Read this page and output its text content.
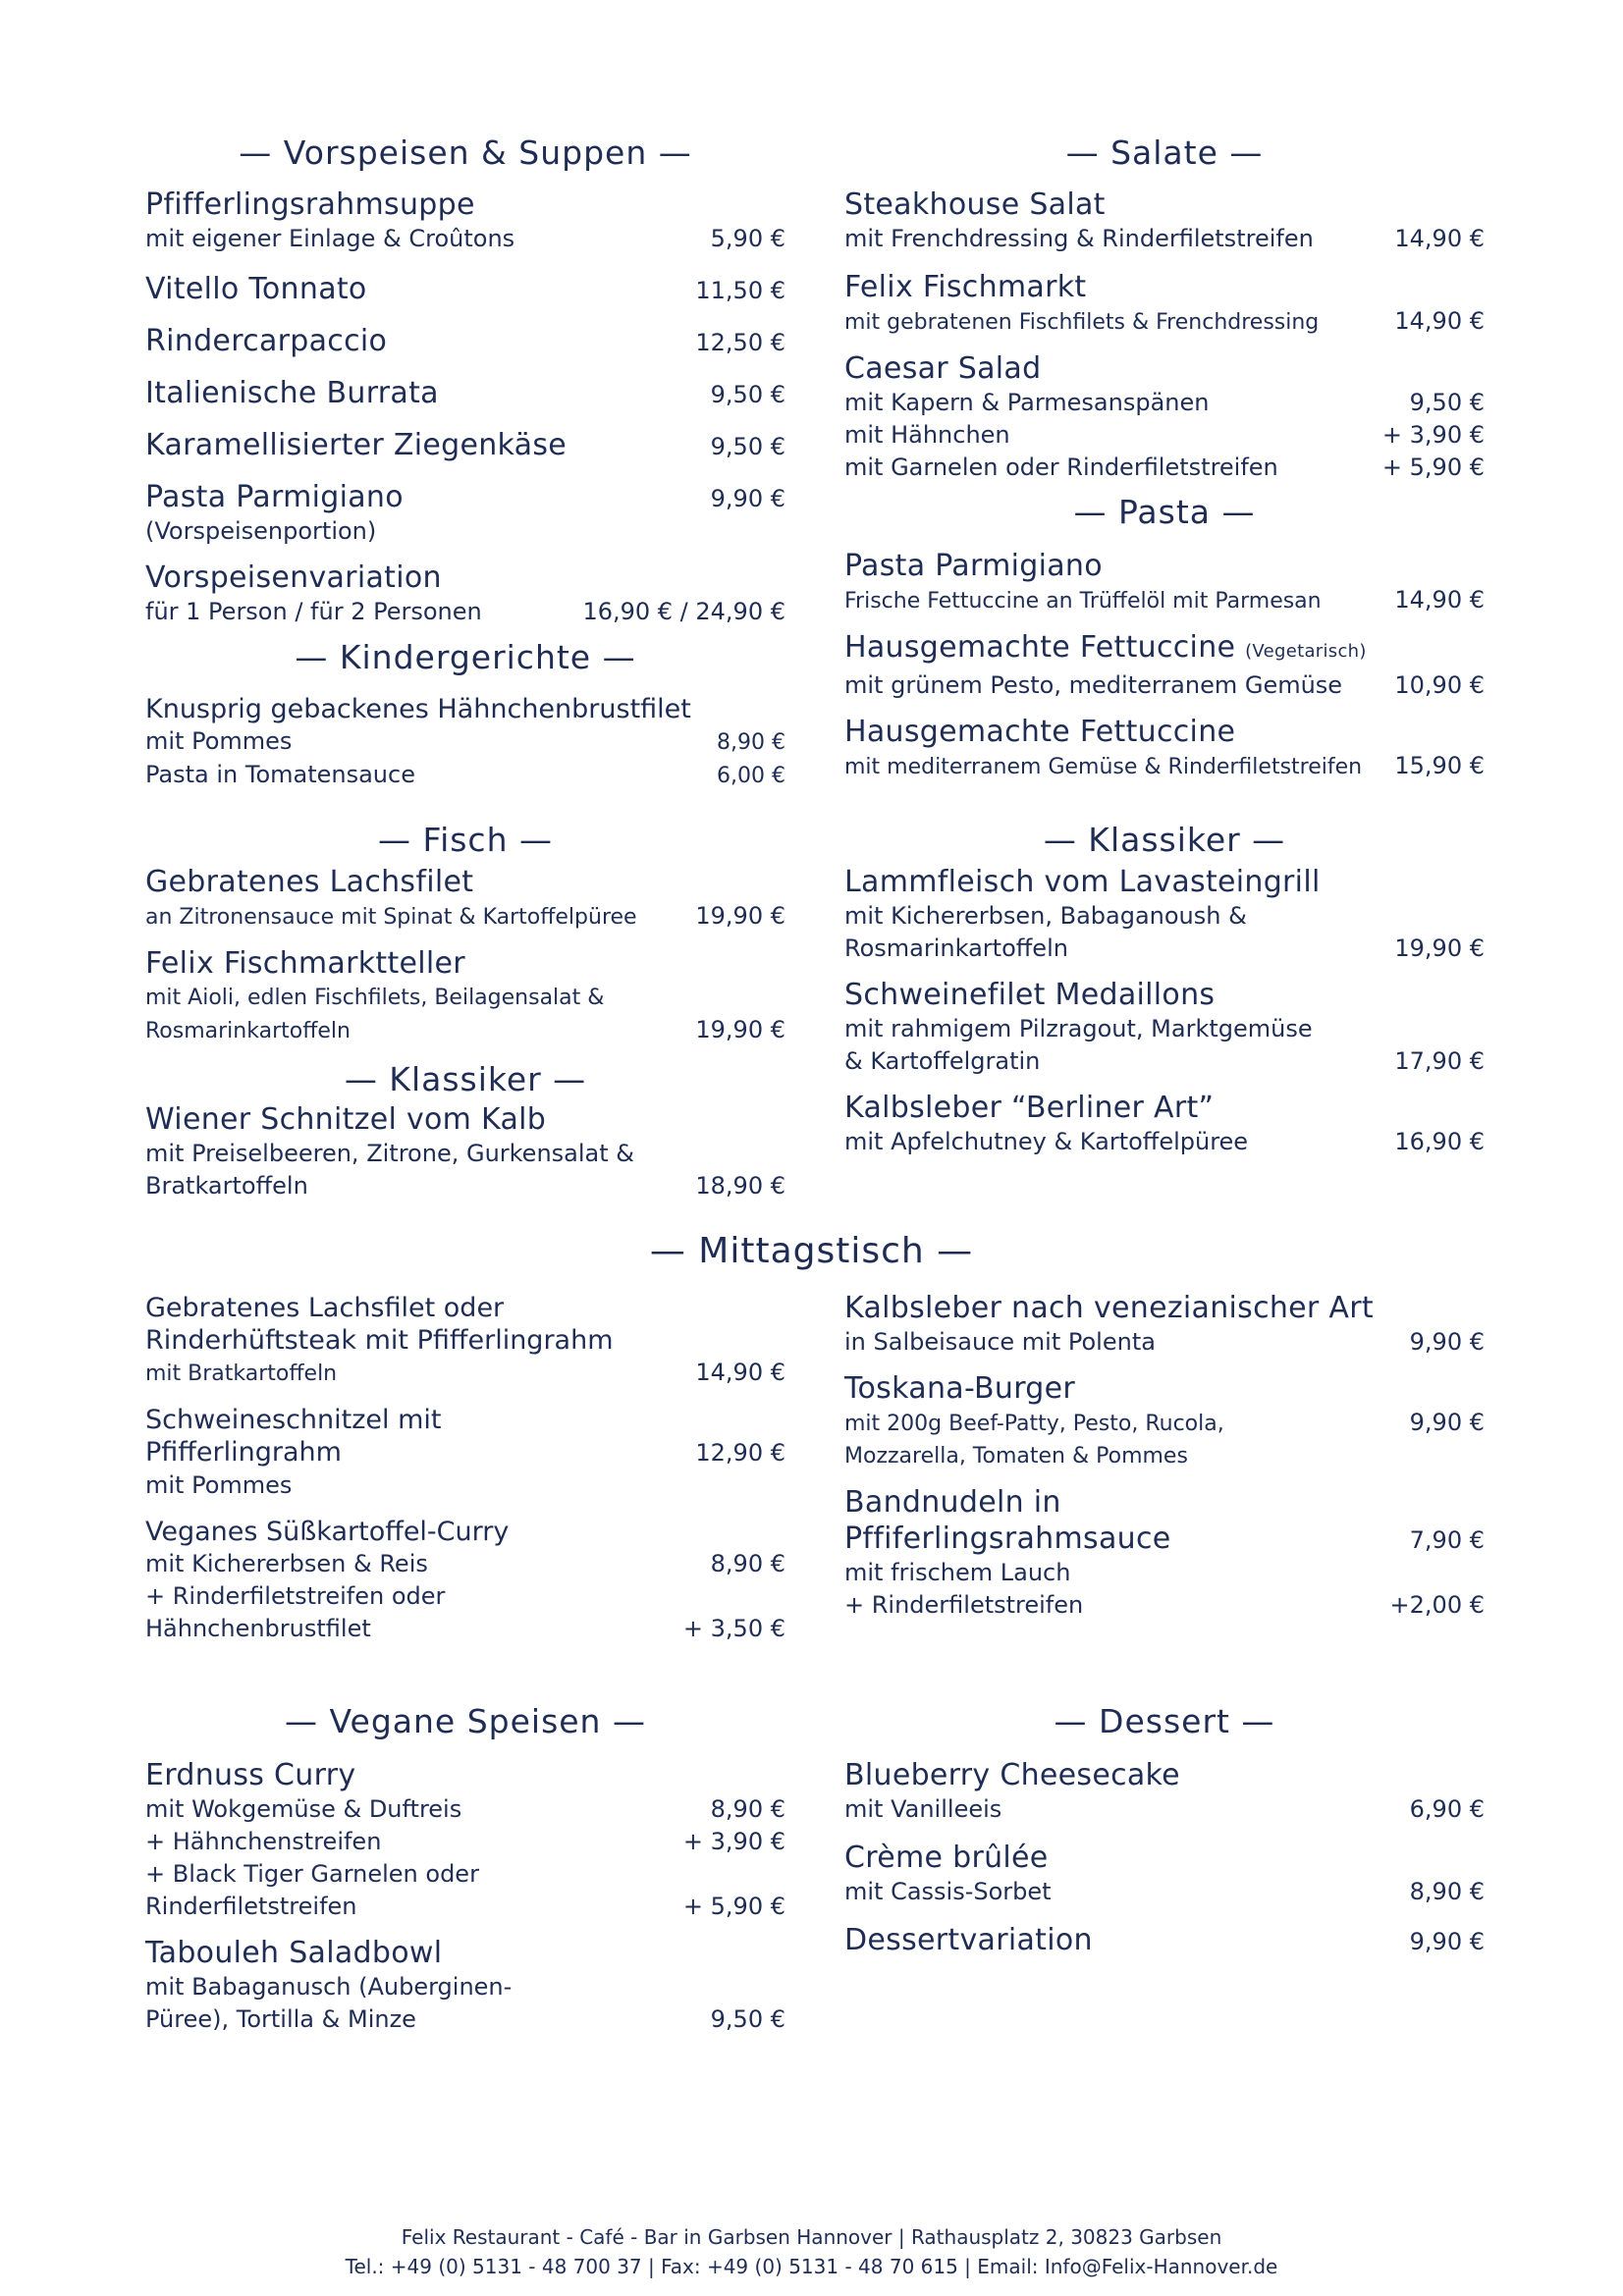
— Vorspeisen & Suppen —
Pfifferlingsrahmsuppe
mit eigener Einlage & Croûtons	5,90 €
Vitello Tonnato	11,50 €
Rindercarpaccio	12,50 €
Italienische Burrata	9,50 €
Karamellisierter Ziegenkäse	9,50 €
Pasta Parmigiano	9,90 €
(Vorspeisenportion)
Vorspeisenvariation
für 1 Person / für 2 Personen	16,90 € / 24,90 €
— Kindergerichte —
Knusprig gebackenes Hähnchenbrustfilet
mit Pommes	8,90 €
Pasta in Tomatensauce	6,00 €
— Fisch —
Gebratenes Lachsfilet
an Zitronensauce mit Spinat & Kartoffelpüree 19,90 €
Felix Fischmarktteller
mit Aioli, edlen Fischfilets, Beilagensalat &
Rosmarinkartoffeln	19,90 €
— Klassiker —
Wiener Schnitzel vom Kalb
mit Preiselbeeren, Zitrone, Gurkensalat &
Bratkartoffeln	18,90 €
— Salate —
Steakhouse Salat
mit Frenchdressing & Rinderfiletstreifen	14,90 €
Felix Fischmarkt
mit gebratenen Fischfilets & Frenchdressing	14,90 €
Caesar Salad
mit Kapern & Parmesanspänen	9,50 €
mit Hähnchen	+ 3,90 €
mit Garnelen oder Rinderfiletstreifen	+ 5,90 €
— Pasta —
Pasta Parmigiano
Frische Fettuccine an Trüffelöl mit Parmesan	14,90 €
Hausgemachte Fettuccine (Vegetarisch)
mit grünem Pesto, mediterranem Gemüse 10,90 €
Hausgemachte Fettuccine
mit mediterranem Gemüse & Rinderfiletstreifen 15,90 €
— Klassiker —
Lammfleisch vom Lavasteingrill
mit Kichererbsen, Babaganoush &
Rosmarinkartoffeln	19,90 €
Schweinefilet Medaillons
mit rahmigem Pilzragout, Marktgemüse
& Kartoffelgratin	17,90 €
Kalbsleber “Berliner Art”
mit Apfelchutney & Kartoffelpüree	16,90 €
— Mittagstisch —
Gebratenes Lachsfilet oder
Rinderhüftsteak mit Pfifferlingrahm
mit Bratkartoffeln	14,90 €
Schweineschnitzel mit
Pfifferlingrahm	12,90 €
mit Pommes
Veganes Süßkartoffel-Curry
mit Kichererbsen & Reis	8,90 €
+ Rinderfiletstreifen oder
Hähnchenbrustfilet	+ 3,50 €
Kalbsleber nach venezianischer Art
in Salbeisauce mit Polenta	9,90 €
Toskana-Burger
mit 200g Beef-Patty, Pesto, Rucola,	9,90 €
Mozzarella, Tomaten & Pommes
Bandnudeln in
Pffiferlingsrahmsauce	7,90 €
mit frischem Lauch
+ Rinderfiletstreifen	+2,00 €
— Vegane Speisen —
Erdnuss Curry
mit Wokgemüse & Duftreis	8,90 €
+ Hähnchenstreifen	+ 3,90 €
+ Black Tiger Garnelen oder
Rinderfiletstreifen	+ 5,90 €
Tabouleh Saladbowl
mit Babaganusch (Auberginen-
Püree), Tortilla & Minze	9,50 €
— Dessert —
Blueberry Cheesecake
mit Vanilleeis	6,90 €
Crème brûlée
mit Cassis-Sorbet	8,90 €
Dessertvariation	9,90 €
Felix Restaurant - Café - Bar in Garbsen Hannover | Rathausplatz 2, 30823 Garbsen
Tel.: +49 (0) 5131 - 48 700 37 | Fax: +49 (0) 5131 - 48 70 615 | Email: Info@Felix-Hannover.de
